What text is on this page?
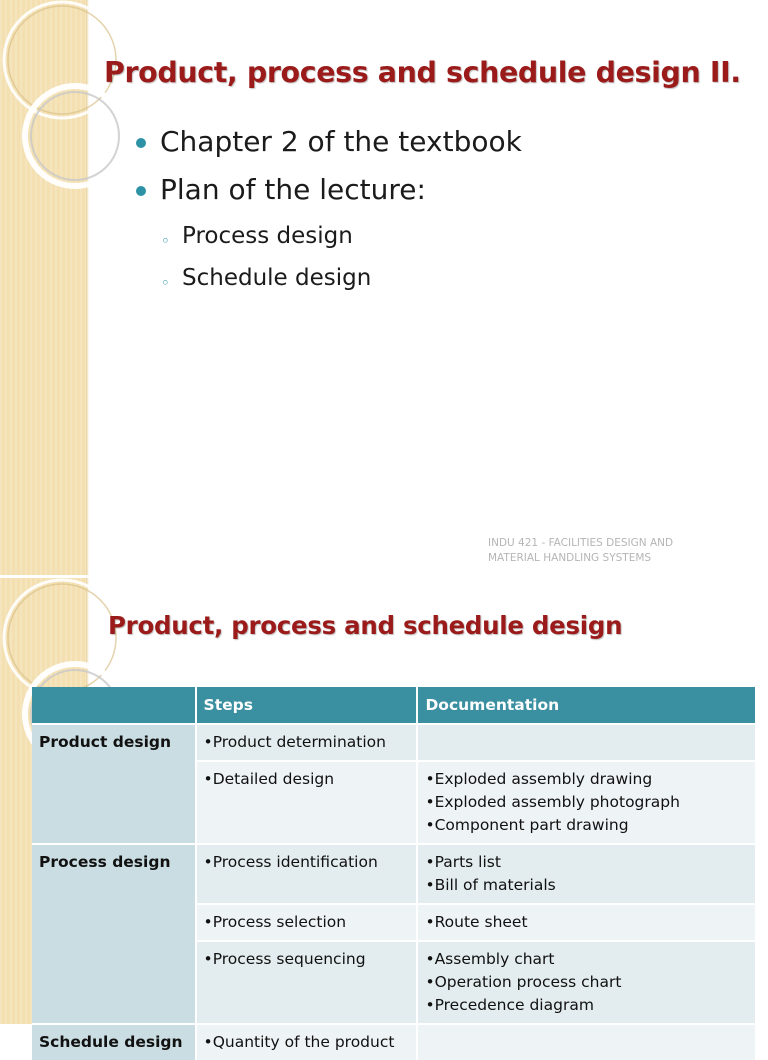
Product, process and schedule design II.
Chapter 2 of the textbook
Plan of the lecture:
◦ Process design
◦ Schedule design
INDU 421 - FACILITIES DESIGN AND
MATERIAL HANDLING SYSTEMS
Product, process and schedule design
	Steps	Documentation
Product design	•Product determination	

	•Detailed design	•Exploded assembly drawing
•Exploded assembly photograph
•Component part drawing

Process design	•Process identification	•Parts list
•Bill of materials

	•Process selection	•Route sheet

	•Process sequencing	•Assembly chart
•Operation process chart
•Precedence diagram

Schedule design	•Quantity of the product	
